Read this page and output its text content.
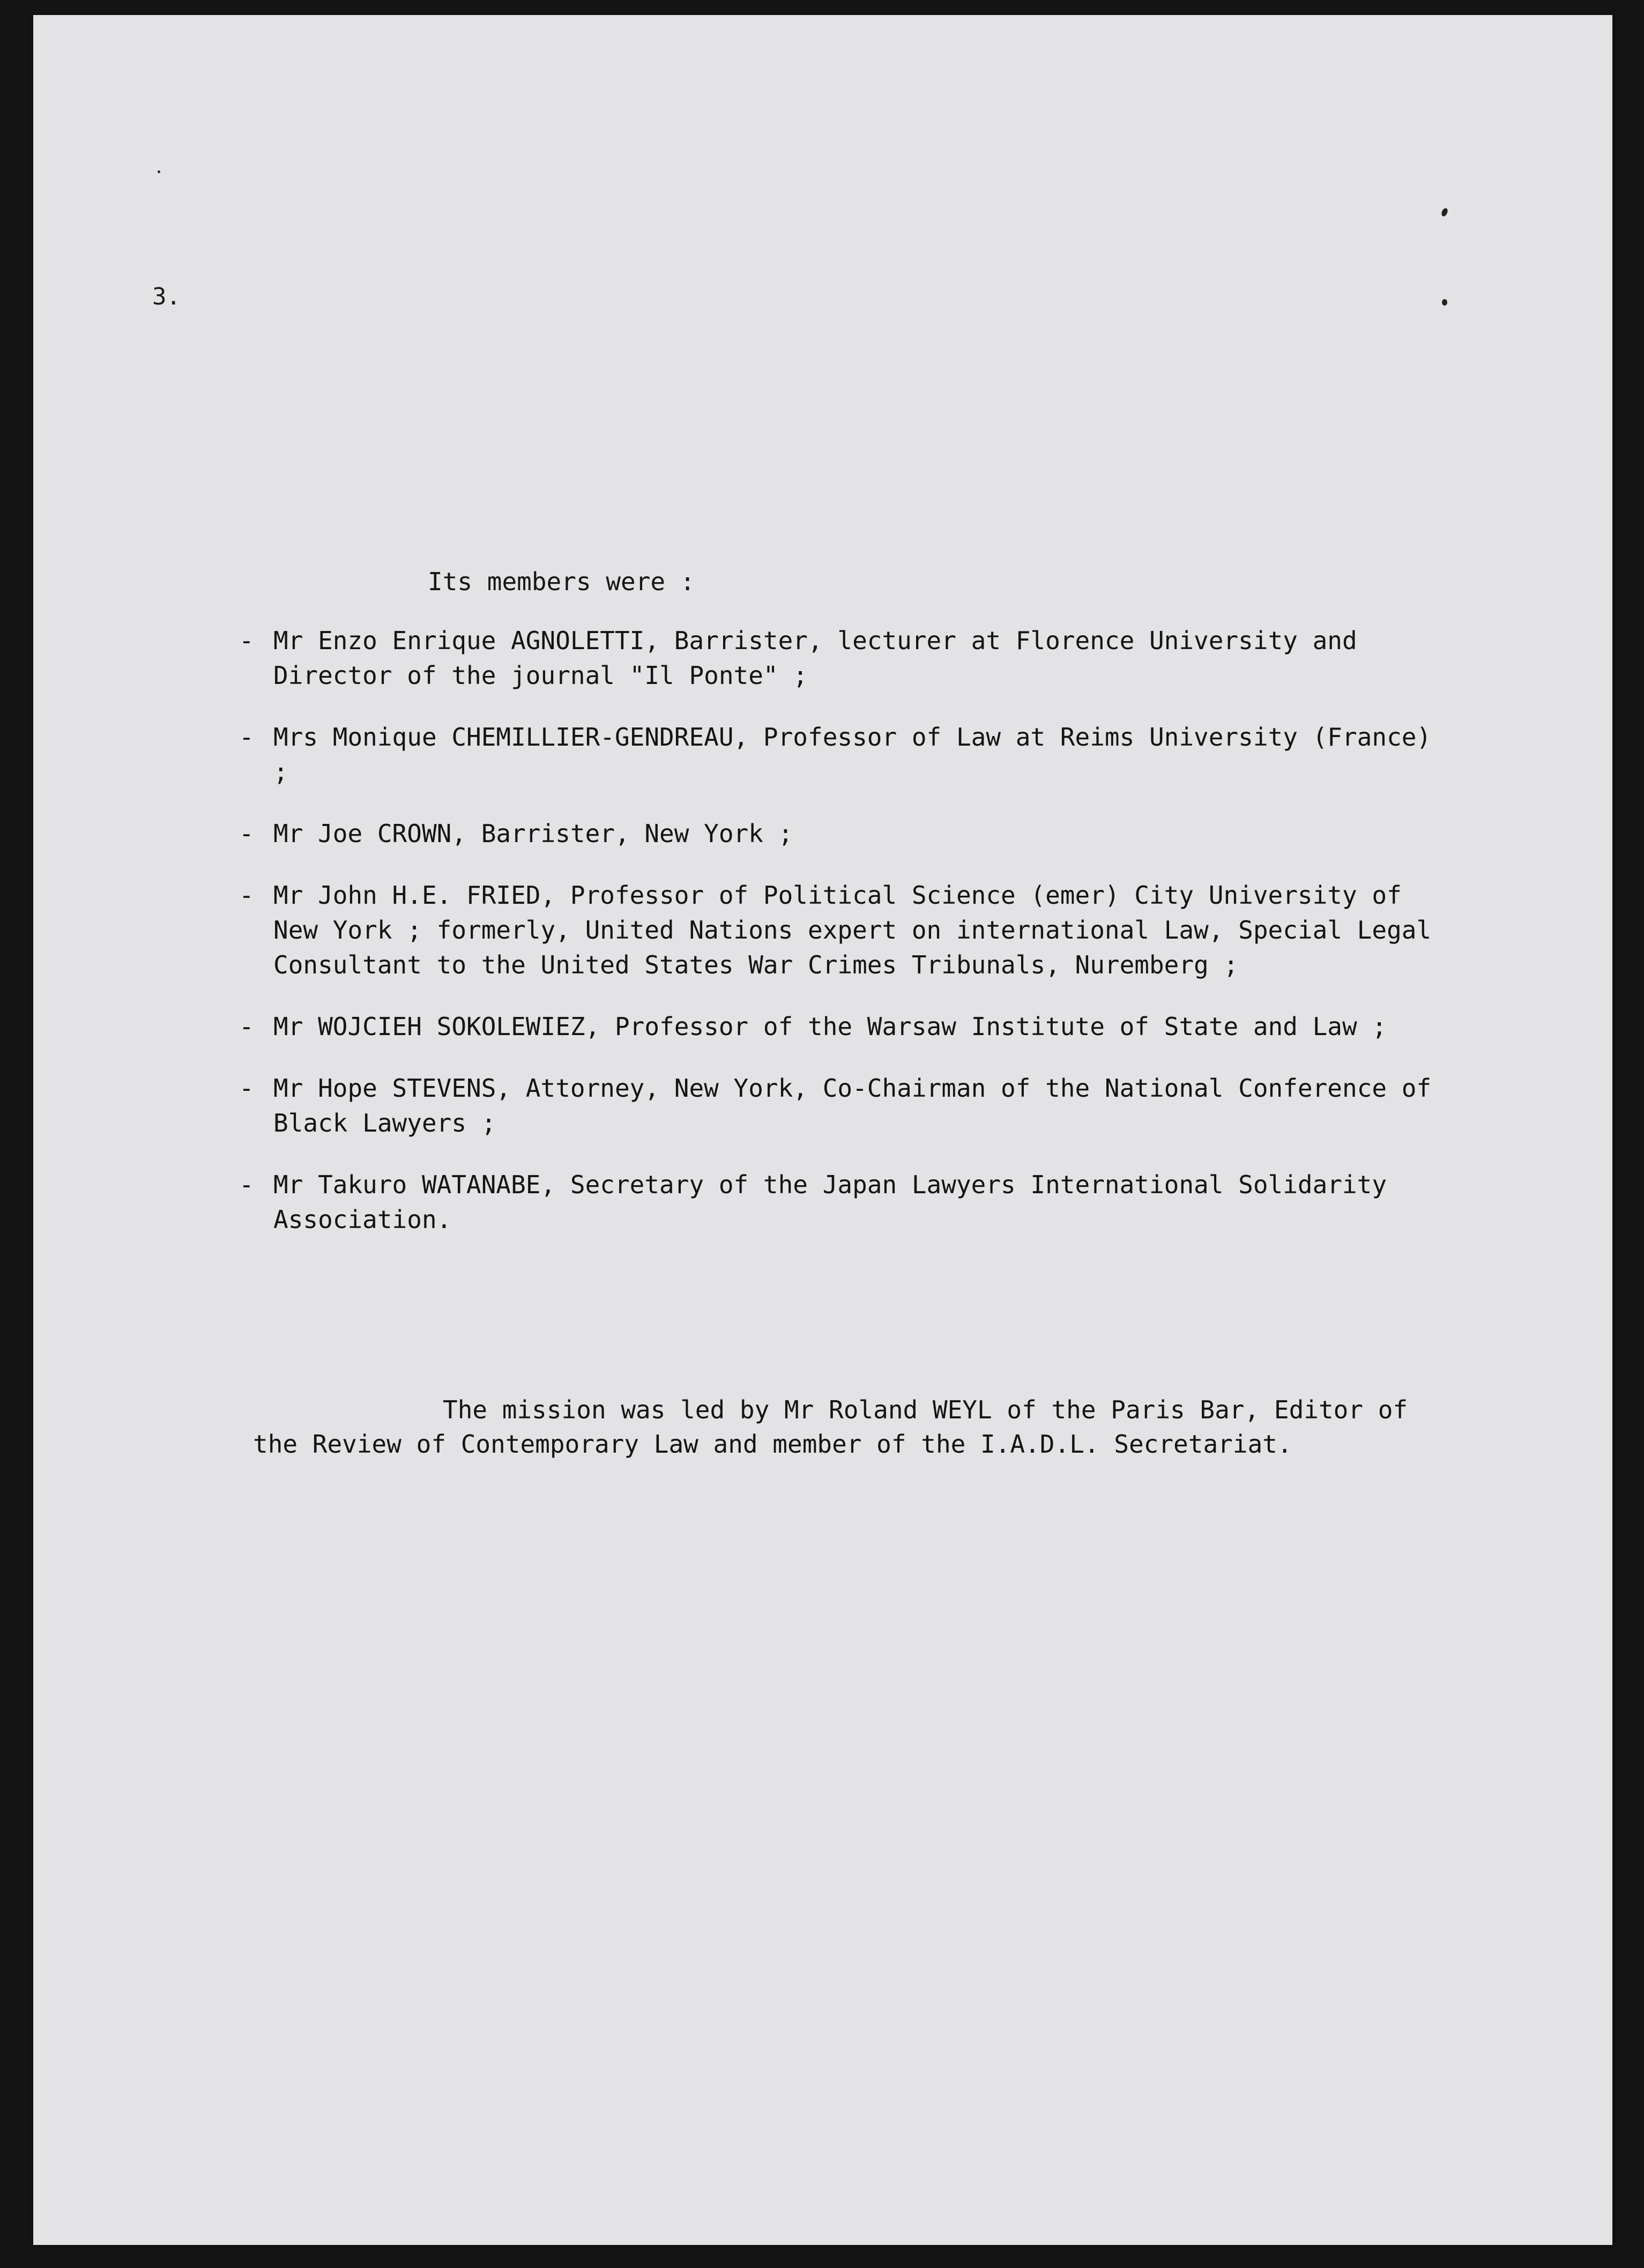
3.
Its members were :
- Mr Enzo Enrique AGNOLETTI, Barrister, lecturer at Florence University and Director of the journal "Il Ponte" ;
- Mrs Monique CHEMILLIER-GENDREAU, Professor of Law at Reims University (France) ;
- Mr Joe CROWN, Barrister, New York ;
- Mr John H.E. FRIED, Professor of Political Science (emer) City University of New York ; formerly, United Nations expert on international Law, Special Legal Consultant to the United States War Crimes Tribunals, Nuremberg ;
- Mr WOJCIEH SOKOLEWIEZ, Professor of the Warsaw Institute of State and Law ;
- Mr Hope STEVENS, Attorney, New York, Co-Chairman of the National Conference of Black Lawyers ;
- Mr Takuro WATANABE, Secretary of the Japan Lawyers International Solidarity Association.
The mission was led by Mr Roland WEYL of the Paris Bar, Editor of the Review of Contemporary Law and member of the I.A.D.L. Secretariat.
